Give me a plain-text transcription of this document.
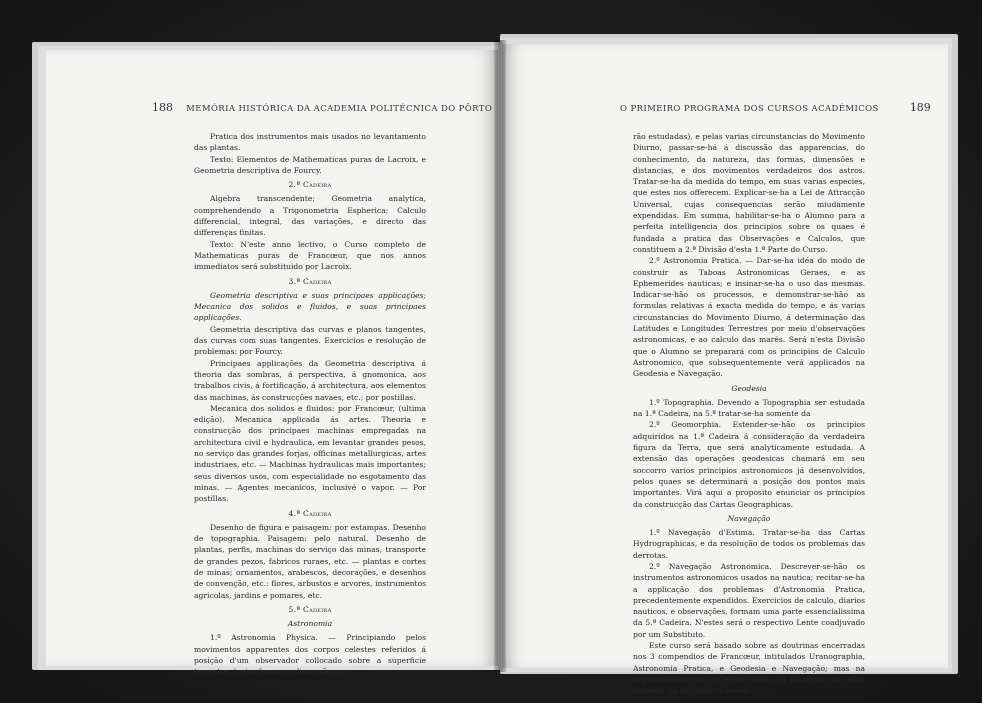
188 MEMÓRIA HISTÓRICA DA ACADEMIA POLITÉCNICA DO PÔRTO	O PRIMEIRO PROGRAMA DOS CURSOS ACADÉMICOS	189

Pratica dos instrumentos mais usados no levantamento das plantas.

Texto: Elementos de Mathematicas puras de Lacroix, e Geometria descriptiva de Fourcy.

2.ª Cadeira

Algebra transcendente; Geometria analytica, comprehendendo a Trigonometria Espherica; Calculo differencial, integral, das variações, e directo das differenças finitas.

Texto: N'este anno lectivo, o Curso completo de Mathematicas puras de Francœur, que nos annos immediatos será substituido por Lacroix.

3.ª Cadeira

Geometria descriptiva e suas principaes applicações; Mecanica dos solidos e fluidos, e suas principaes applicações.

Geometria descriptiva das curvas e planos tangentes, das curvas com suas tangentes. Exercicios e resolução de problemas: por Fourcy.

Principaes applicações da Geometria descriptiva á theoria das sombras, á perspectiva, á gnomonica, aos trabalhos civis, á fortificação, á architectura, aos elementos das machinas, ás construcções navaes, etc.; por postillas.

Mecanica dos solidos e fluidos: por Francœur, (ultima edição). Mecanica applicada ás artes. Theoria e construcção dos principaes machinas empregadas na architectura civil e hydraulica, em levantar grandes pesos, no serviço das grandes forjas, officinas metallurgicas, artes industriaes, etc. — Machinas hydraulicas mais importantes; seus diversos usos, com especialidade no esgotamento das minas. — Agentes mecanicos, inclusivé o vapor. — Por postillas.

4.ª Cadeira

Desenho de figura e paisagem: por estampas. Desenho de topographia. Paisagem: pelo natural. Desenho de plantas, perfis, machinas do serviço das minas, transporte de grandes pezos, fabricos ruraes, etc. — plantas e cortes de minas; ornamentos, arabescos, decorações, e desenhos de convenção, etc.: flores, arbustos e arvores, instrumentos agricolas, jardins e pomares, etc.

5.ª Cadeira

Astronomia

1.º Astronomia Physica. — Principiando pelos movimentos apparentes dos corpos celestes referidos á posição d'um observador collocado sobre a superficie terrestre, (cujas formas e dimensões se-

rão estudadas), e pelas varias circunstancias do Movimento Diurno, passar-se-há á discussão das apparencias, do conhecimento, da natureza, das formas, dimensões e distancias, e dos movimentos verdadeiros dos astros. Tratar-se-ha da medida do tempo, em suas varias especies, que estes nos offerecem. Explicar-se-ha a Lei de Attracção Universal, cujas consequencias serão miudamente expendidas. Em summa, habilitar-se-ha o Alumno para a perfeita intelligencia dos principios sobre os quaes é fundada a pratica das Observações e Calculos, que constituem a 2.ª Divisão d'esta 1.ª Parte do Curso.

2.º Astronomia Pratica. — Dar-se-ha idéa do modo de construir as Taboas Astronomicas Geraes, e as Ephemerides nauticas; e insinar-se-ha o uso das mesmas. Indicar-se-hão os processos, e demonstrar-se-hão as formulas relativas á exacta medida do tempo, e ás varias circunstancias do Movimento Diurno, á determinação das Latitudes e Longitudes Terrestres por meio d'observações astronomicas, e ao calculo das marés. Será n'esta Divisão que o Alumno se preparará com os principios de Calculo Astronomico, que subsequentemente verá applicados na Geodesia e Navegação.

Geodesia

1.º Topographia. Devendo a Topographia ser estudada na 1.ª Cadeira, na 5.ª tratar-se-ha somente da

2.º Geomorphia. Estender-se-hão os principios adquiridos na 1.ª Cadeira á consideração da verdadeira figura da Terra, que será analyticamente estudada. A extensão das operações geodesicas chamará em seu soccorro varios principios astronomicos já desenvolvidos, pelos quaes se determinará a posição dos pontos mais importantes. Virá aqui a proposito enunciar os principios da construcção das Cartas Geographicas.

Navegação

1.º Navegação d'Estima. Tratar-se-ha das Cartas Hydrographicas, e da resolução de todos os problemas das derrotas.

2.º Navegação Astronomica. Descrever-se-hão os instrumentos astronomicos usados na nautica; recitar-se-ha a applicação dos problemas d'Astronomia Pratica, precedentemente expendidos. Exercicios de calculo, diarios nauticos, e observações, formam uma parte essencialissima da 5.ª Cadeira. N'estes será o respectivo Lente coadjuvado por um Substituto.

Este curso será basado sobre as doutrinas encerradas nos 3 compendios de Francœur, intitulados Uranographia, Astronomia Pratica, e Geodesia e Navegação; mas na impossibilidade de se entrar todas as materias que elles incluem, ou de seguir a ordem
